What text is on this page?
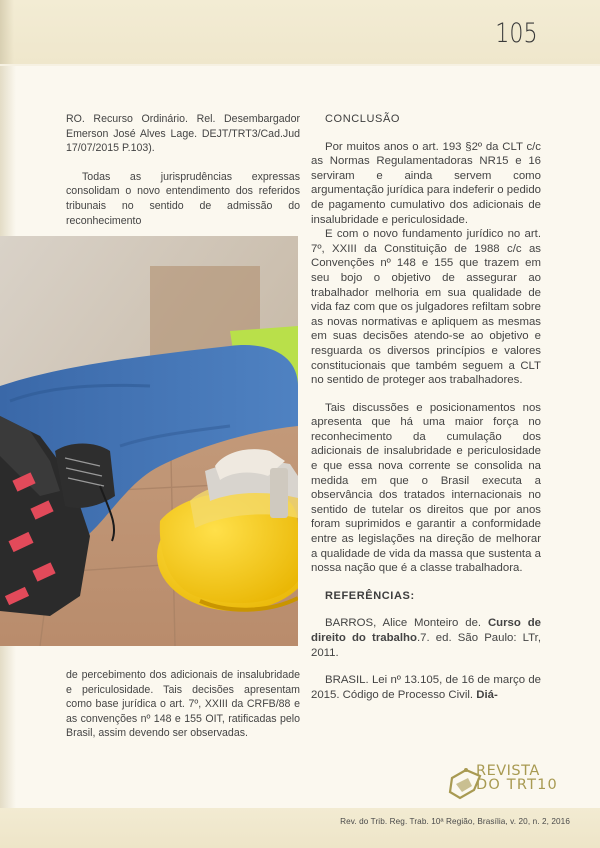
105

RO. Recurso Ordinário. Rel. Desembargador Emerson José Alves Lage. DEJT/TRT3/Cad.Jud 17/07/2015 P.103).

Todas as jurisprudências expressas consolidam o novo entendimento dos referidos tribunais no sentido de admissão do reconhecimento

de percebimento dos adicionais de insalubridade e periculosidade. Tais decisões apresentam como base jurídica o art. 7º, XXIII da CRFB/88 e as convenções nº 148 e 155 OIT, ratificadas pelo Brasil, assim devendo ser observadas.

CONCLUSÃO

Por muitos anos o art. 193 §2º da CLT c/c as Normas Regulamentadoras NR15 e 16 serviram e ainda servem como argumentação jurídica para indeferir o pedido de pagamento cumulativo dos adicionais de insalubridade e periculosidade.

E com o novo fundamento jurídico no art. 7º, XXIII da Constituição de 1988 c/c as Convenções nº 148 e 155 que trazem em seu bojo o objetivo de assegurar ao trabalhador melhoria em sua qualidade de vida faz com que os julgadores refiltam sobre as novas normativas e apliquem as mesmas em suas decisões atendo-se ao objetivo e resguarda os diversos princípios e valores constitucionais que também seguem a CLT no sentido de proteger aos trabalhadores.

Tais discussões e posicionamentos nos apresenta que há uma maior força no reconhecimento da cumulação dos adicionais de insalubridade e periculosidade e que essa nova corrente se consolida na medida em que o Brasil executa a observância dos tratados internacionais no sentido de tutelar os direitos que por anos foram suprimidos e garantir a conformidade entre as legislações na direção de melhorar a qualidade de vida da massa que sustenta a nossa nação que é a classe trabalhadora.

REFERÊNCIAS:

BARROS, Alice Monteiro de. Curso de direito do trabalho.7. ed. São Paulo: LTr, 2011.

BRASIL. Lei nº 13.105, de 16 de março de 2015. Código de Processo Civil. Diá-

REVISTA
DO TRT10
Rev. do Trib. Reg. Trab. 10ª Região, Brasília, v. 20, n. 2, 2016
